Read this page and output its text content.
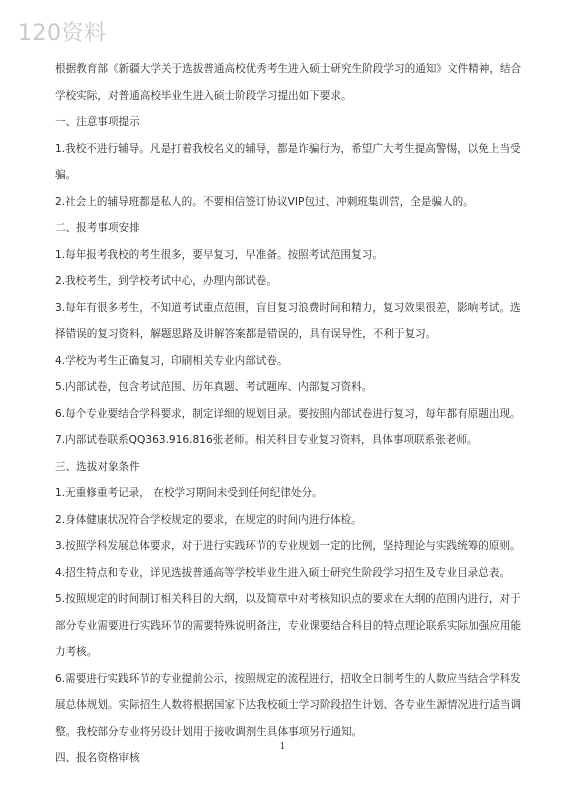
120资料

根据教育部《新疆大学关于选拔普通高校优秀考生进入硕士研究生阶段学习的通知》文件精神，结合学校实际，对普通高校毕业生进入硕士阶段学习提出如下要求。

一、注意事项提示

1.我校不进行辅导。凡是打着我校名义的辅导，都是诈骗行为，希望广大考生提高警惕，以免上当受骗。

2.社会上的辅导班都是私人的。不要相信签订协议VIP包过、冲刺班集训营，全是骗人的。

二、报考事项安排

1.每年报考我校的考生很多，要早复习，早准备。按照考试范围复习。

2.我校考生，到学校考试中心，办理内部试卷。

3.每年有很多考生，不知道考试重点范围，盲目复习浪费时间和精力，复习效果很差，影响考试。选择错误的复习资料，解题思路及讲解答案都是错误的，具有误导性，不利于复习。

4.学校为考生正确复习，印刷相关专业内部试卷。

5.内部试卷，包含考试范围、历年真题、考试题库、内部复习资料。

6.每个专业要结合学科要求，制定详细的规划目录。要按照内部试卷进行复习，每年都有原题出现。

7.内部试卷联系QQ363.916.816张老师。相关科目专业复习资料，具体事项联系张老师。

三、选拔对象条件

1.无重修重考记录， 在校学习期间未受到任何纪律处分。

2.身体健康状况符合学校规定的要求，在规定的时间内进行体检。

3.按照学科发展总体要求，对于进行实践环节的专业规划一定的比例，坚持理论与实践统筹的原则。

4.招生特点和专业，详见选拔普通高等学校毕业生进入硕士研究生阶段学习招生及专业目录总表。

5.按照规定的时间制订相关科目的大纲，以及简章中对考核知识点的要求在大纲的范围内进行，对于部分专业需要进行实践环节的需要特殊说明备注，专业课要结合科目的特点理论联系实际加强应用能力考核。

6.需要进行实践环节的专业提前公示，按照规定的流程进行，招收全日制考生的人数应当结合学科发展总体规划。实际招生人数将根据国家下达我校硕士学习阶段招生计划、各专业生源情况进行适当调整。我校部分专业将另设计划用于接收调剂生具体事项另行通知。

四、报名资格审核

1
